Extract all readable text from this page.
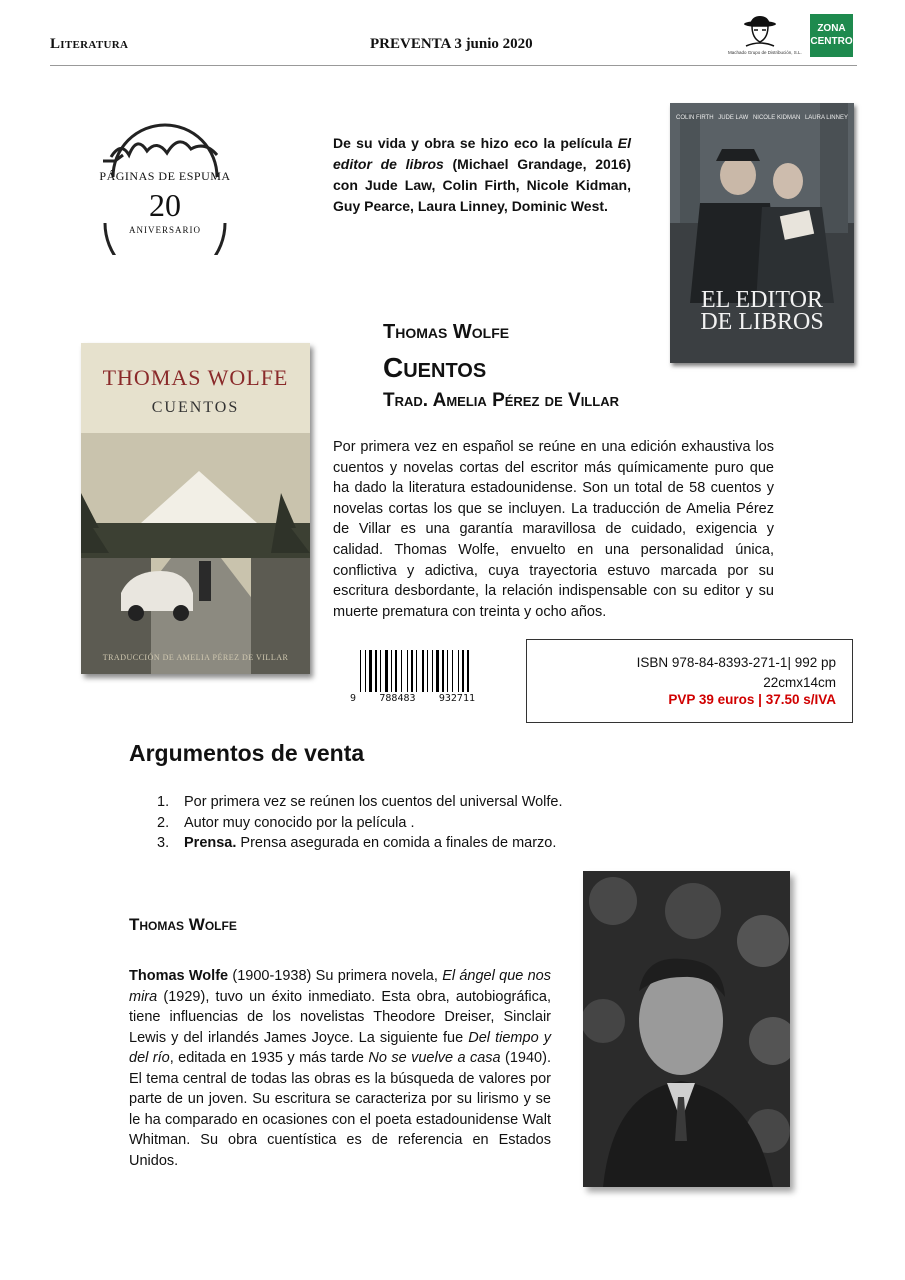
Literatura	PREVENTA 3 junio 2020
Machado Grupo de Distribución, S.L.
ZONA
CENTRO
PÁGINAS DE ESPUMA
20
ANIVERSARIO
De su vida y obra se hizo eco la película El editor de libros (Michael Grandage, 2016) con Jude Law, Colin Firth, Nicole Kidman, Guy Pearce, Laura Linney, Dominic West.
COLIN FIRTH JUDE LAW NICOLE KIDMAN LAURA LINNEY
EL EDITOR
DE LIBROS
Thomas Wolfe
Cuentos
Trad. Amelia Pérez de Villar
THOMAS WOLFE
CUENTOS
TRADUCCIÓN DE AMELIA PÉREZ DE VILLAR
Por primera vez en español se reúne en una edición exhaustiva los cuentos y novelas cortas del escritor más químicamente puro que ha dado la literatura estadounidense. Son un total de 58 cuentos y novelas cortas los que se incluyen. La traducción de Amelia Pérez de Villar es una garantía maravillosa de cuidado, exigencia y calidad. Thomas Wolfe, envuelto en una personalidad única, conflictiva y adictiva, cuya trayectoria estuvo marcada por su escritura desbordante, la relación indispensable con su editor y su muerte prematura con treinta y ocho años.
9 788483 932711
ISBN 978-84-8393-271-1| 992 pp
22cmx14cm
PVP 39 euros | 37.50 s/IVA
Argumentos de venta
1. Por primera vez se reúnen los cuentos del universal Wolfe.
2. Autor muy conocido por la película .
3. Prensa. Prensa asegurada en comida a finales de marzo.
Thomas Wolfe
Thomas Wolfe (1900-1938) Su primera novela, El ángel que nos mira (1929), tuvo un éxito inmediato. Esta obra, autobiográfica, tiene influencias de los novelistas Theodore Dreiser, Sinclair Lewis y del irlandés James Joyce. La siguiente fue Del tiempo y del río, editada en 1935 y más tarde No se vuelve a casa (1940). El tema central de todas las obras es la búsqueda de valores por parte de un joven. Su escritura se caracteriza por su lirismo y se le ha comparado en ocasiones con el poeta estadounidense Walt Whitman. Su obra cuentística es de referencia en Estados Unidos.
